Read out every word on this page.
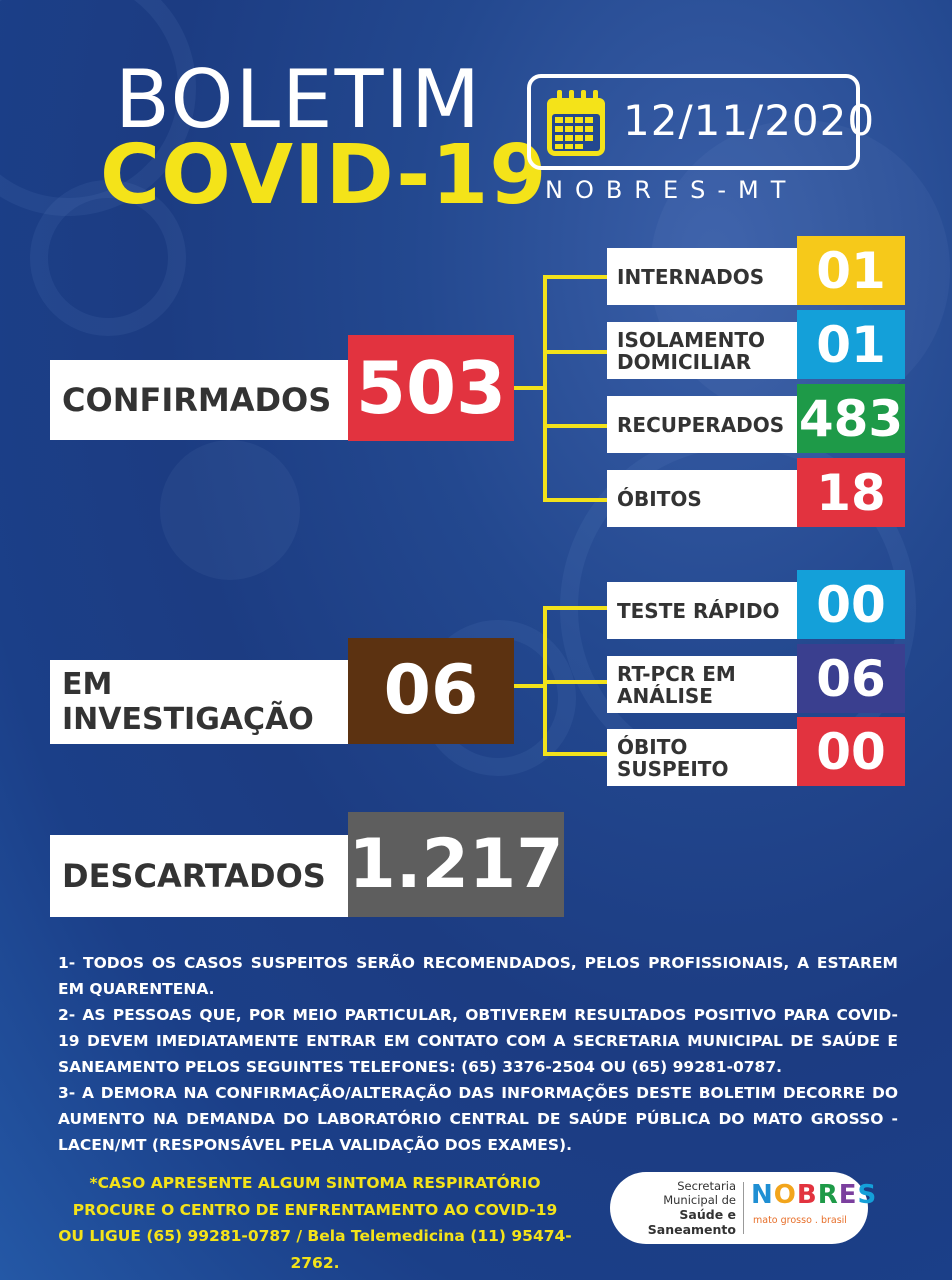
BOLETIM
COVID-19
12/11/2020
NOBRES-MT
CONFIRMADOS 503
INTERNADOS	01
ISOLAMENTO DOMICILIAR	01
RECUPERADOS 483
ÓBITOS	18
EM INVESTIGAÇÃO	06
TESTE RÁPIDO 00
RT-PCR EM ANÁLISE	06
ÓBITO SUSPEITO	00
DESCARTADOS 1.217

1- TODOS OS CASOS SUSPEITOS SERÃO RECOMENDADOS, PELOS PROFISSIONAIS, A ESTAREM EM QUARENTENA.

2- AS PESSOAS QUE, POR MEIO PARTICULAR, OBTIVEREM RESULTADOS POSITIVO PARA COVID-19 DEVEM IMEDIATAMENTE ENTRAR EM CONTATO COM A SECRETARIA MUNICIPAL DE SAÚDE E SANEAMENTO PELOS SEGUINTES TELEFONES: (65) 3376-2504 OU (65) 99281-0787.

3- A DEMORA NA CONFIRMAÇÃO/ALTERAÇÃO DAS INFORMAÇÕES DESTE BOLETIM DECORRE DO AUMENTO NA DEMANDA DO LABORATÓRIO CENTRAL DE SAÚDE PÚBLICA DO MATO GROSSO - LACEN/MT (RESPONSÁVEL PELA VALIDAÇÃO DOS EXAMES).

*CASO APRESENTE ALGUM SINTOMA RESPIRATÓRIO
PROCURE O CENTRO DE ENFRENTAMENTO AO COVID-19
OU LIGUE (65) 99281-0787 / Bela Telemedicina (11) 95474-2762.
Secretaria
Municipal de
Saúde e
Saneamento
NOBRES
mato grosso . brasil
